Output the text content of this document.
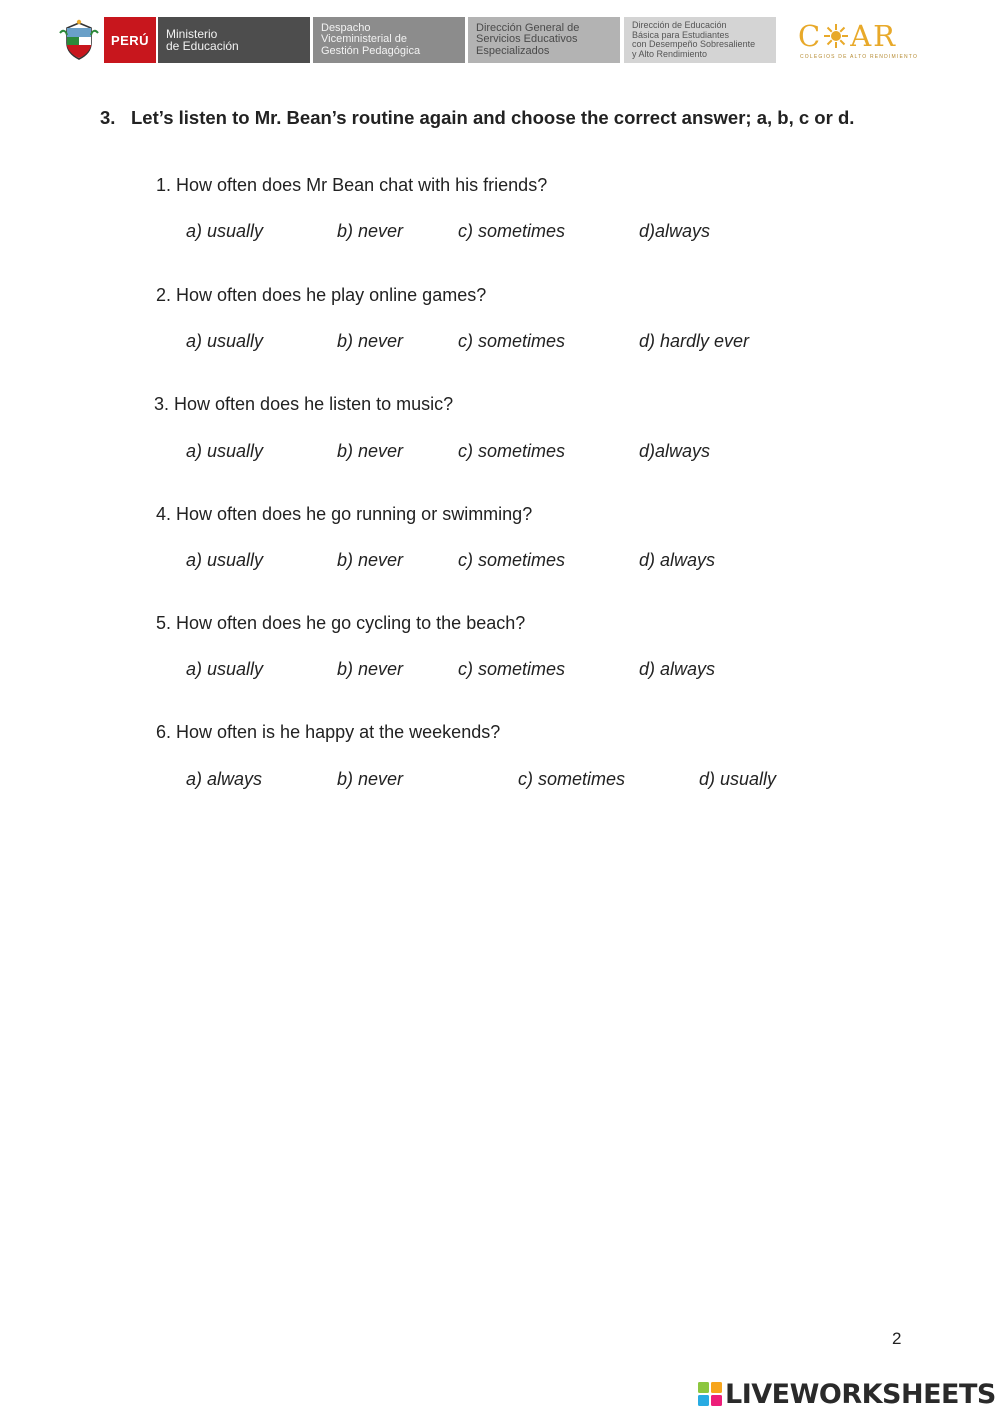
PERÚ	Ministerio
de Educación
Despacho
Viceministerial de
Gestión Pedagógica
Dirección General de
Servicios Educativos
Especializados
Dirección de Educación
Básica para Estudiantes
con Desempeño Sobresaliente
y Alto Rendimiento
C AR
COLEGIOS DE ALTO RENDIMIENTO
3. Let’s listen to Mr. Bean’s routine again and choose the correct answer; a, b, c or d.
1. How often does Mr Bean chat with his friends?
a) usually	b) never	c) sometimes	d)always
2. How often does he play online games?
a) usually	b) never	c) sometimes	d) hardly ever
3. How often does he listen to music?
a) usually	b) never	c) sometimes	d)always
4. How often does he go running or swimming?
a) usually	b) never	c) sometimes	d) always
5. How often does he go cycling to the beach?
a) usually	b) never	c) sometimes	d) always
6. How often is he happy at the weekends?
a) always	b) never	c) sometimes	d) usually
2
LIVEWORKSHEETS
